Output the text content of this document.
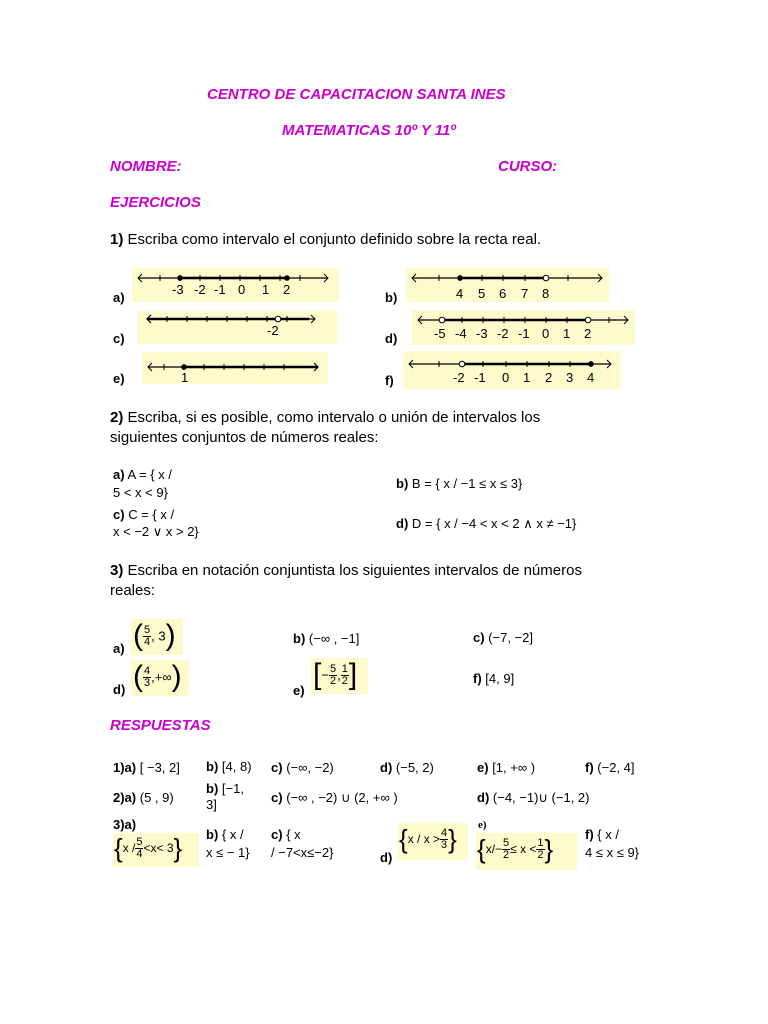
CENTRO DE CAPACITACION SANTA INES
MATEMATICAS 10º Y 11º
NOMBRE:	CURSO:
EJERCICIOS
1) Escriba como intervalo el conjunto definido sobre la recta real.
a)
-3 -2 -1 0 1 2
b)	4 5 6 7 8
c)
-2
d)	-5 -4 -3 -2 -1 0 1 2
e)	1	f)	-2 -1 0 1 2 3 4
2) Escriba, si es posible, como intervalo o unión de intervalos los
siguientes conjuntos de números reales:
a) A = { x /
5 < x < 9}
b) B = { x / −1 ≤ x ≤ 3}
c) C = { x /
x < −2 ∨ x > 2}
d) D = { x / −4 < x < 2 ∧ x ≠ −1}
3) Escriba en notación conjuntista los siguientes intervalos de números
reales:
a) ( $\frac{5}{4}$ , 3)	b) (−∞ , −1]	c) (−7, −2]
d) ( $\frac{4}{3}$ ,+∞)	e) [− $\frac{5}{2}$ , $\frac{1}{2}$ ]	f) [4, 9]
RESPUESTAS
1)a) [ −3, 2] b) [4, 8) c) (−∞, −2)	d) (−5, 2)	e) [1, +∞ )	f) (−2, 4]
2)a) (5 , 9)
b) [−1,
3]	c) (−∞ , −2) ∪ (2, +∞ )	d) (−4, −1)∪ (−1, 2)
3)a)
$\{x / \frac{5}{4} <x< 3\}$ b) { x /
x ≤ − 1}
c) { x
/ −7<x≤−2}	d)
{$x / x > \frac{4}{3}$ } e)
{$x/- \frac{5}{2} \le x < \frac{1}{2}$ } f) { x /
4 ≤ x ≤ 9}
